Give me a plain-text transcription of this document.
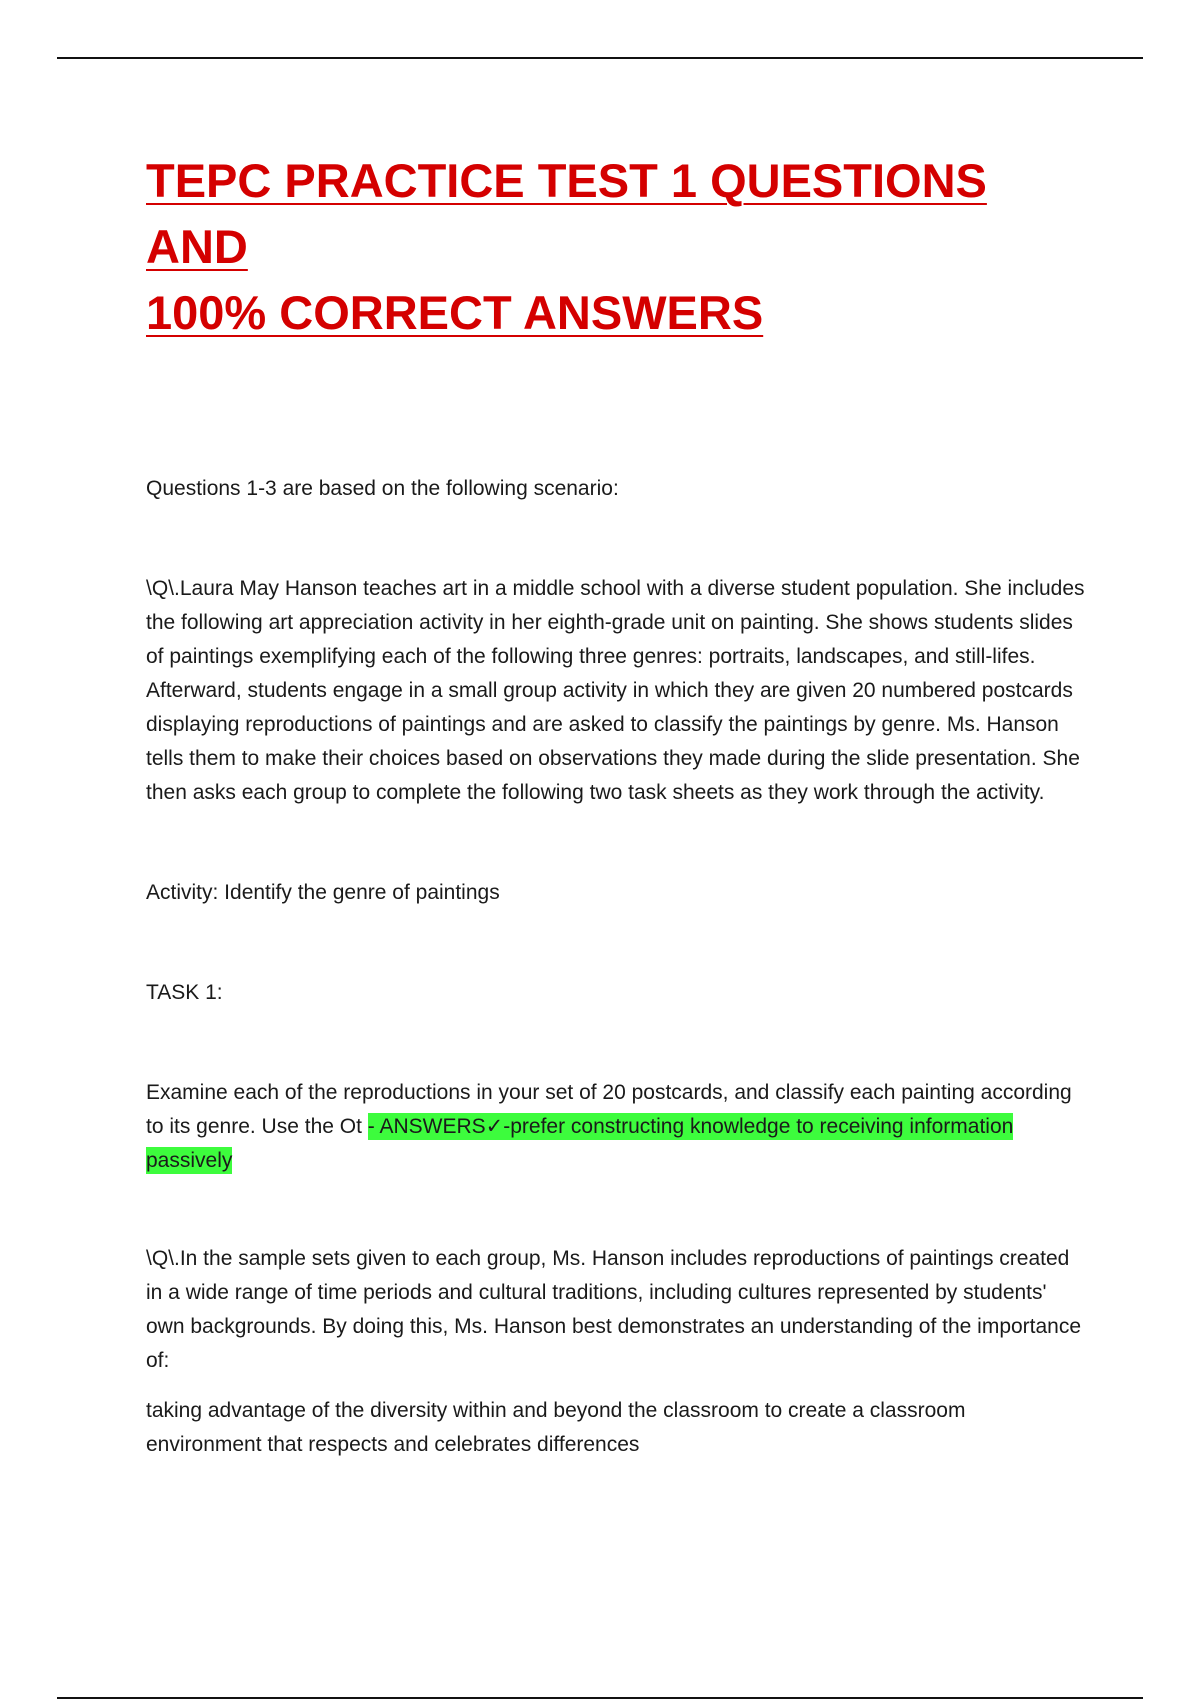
TEPC PRACTICE TEST 1 QUESTIONS AND
100% CORRECT ANSWERS

Questions 1-3 are based on the following scenario:

\Q\.Laura May Hanson teaches art in a middle school with a diverse student population. She includes the following art appreciation activity in her eighth-grade unit on painting. She shows students slides of paintings exemplifying each of the following three genres: portraits, landscapes, and still-lifes. Afterward, students engage in a small group activity in which they are given 20 numbered postcards displaying reproductions of paintings and are asked to classify the paintings by genre. Ms. Hanson tells them to make their choices based on observations they made during the slide presentation. She then asks each group to complete the following two task sheets as they work through the activity.

Activity: Identify the genre of paintings

TASK 1:

Examine each of the reproductions in your set of 20 postcards, and classify each painting according to its genre. Use the Ot - ANSWERS✓-prefer constructing knowledge to receiving information passively

\Q\.In the sample sets given to each group, Ms. Hanson includes reproductions of paintings created in a wide range of time periods and cultural traditions, including cultures represented by students' own backgrounds. By doing this, Ms. Hanson best demonstrates an understanding of the importance of:

taking advantage of the diversity within and beyond the classroom to create a classroom environment that respects and celebrates differences
